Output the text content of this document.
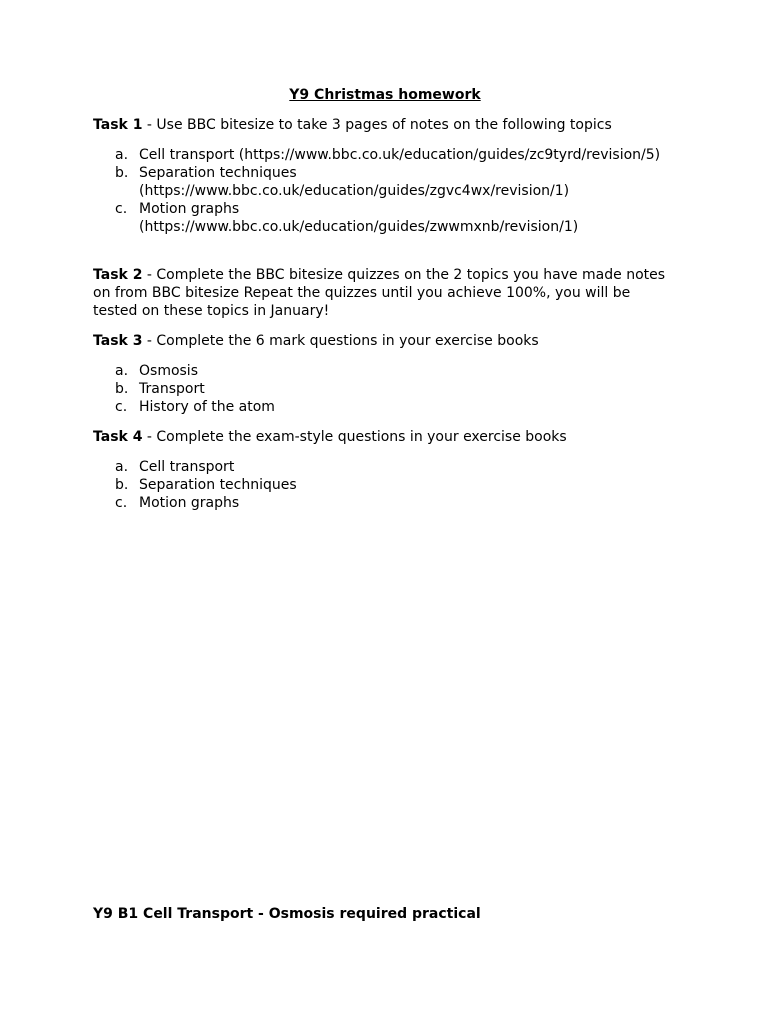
Y9 Christmas homework
Task 1 - Use BBC bitesize to take 3 pages of notes on the following topics
a. Cell transport (https://www.bbc.co.uk/education/guides/zc9tyrd/revision/5)
b. Separation techniques
(https://www.bbc.co.uk/education/guides/zgvc4wx/revision/1)
c. Motion graphs
(https://www.bbc.co.uk/education/guides/zwwmxnb/revision/1)
Task 2 - Complete the BBC bitesize quizzes on the 2 topics you have made notes
on from BBC bitesize Repeat the quizzes until you achieve 100%, you will be
tested on these topics in January!
Task 3 - Complete the 6 mark questions in your exercise books
a. Osmosis
b. Transport
c. History of the atom
Task 4 - Complete the exam-style questions in your exercise books
a. Cell transport
b. Separation techniques
c. Motion graphs
Y9 B1 Cell Transport - Osmosis required practical
